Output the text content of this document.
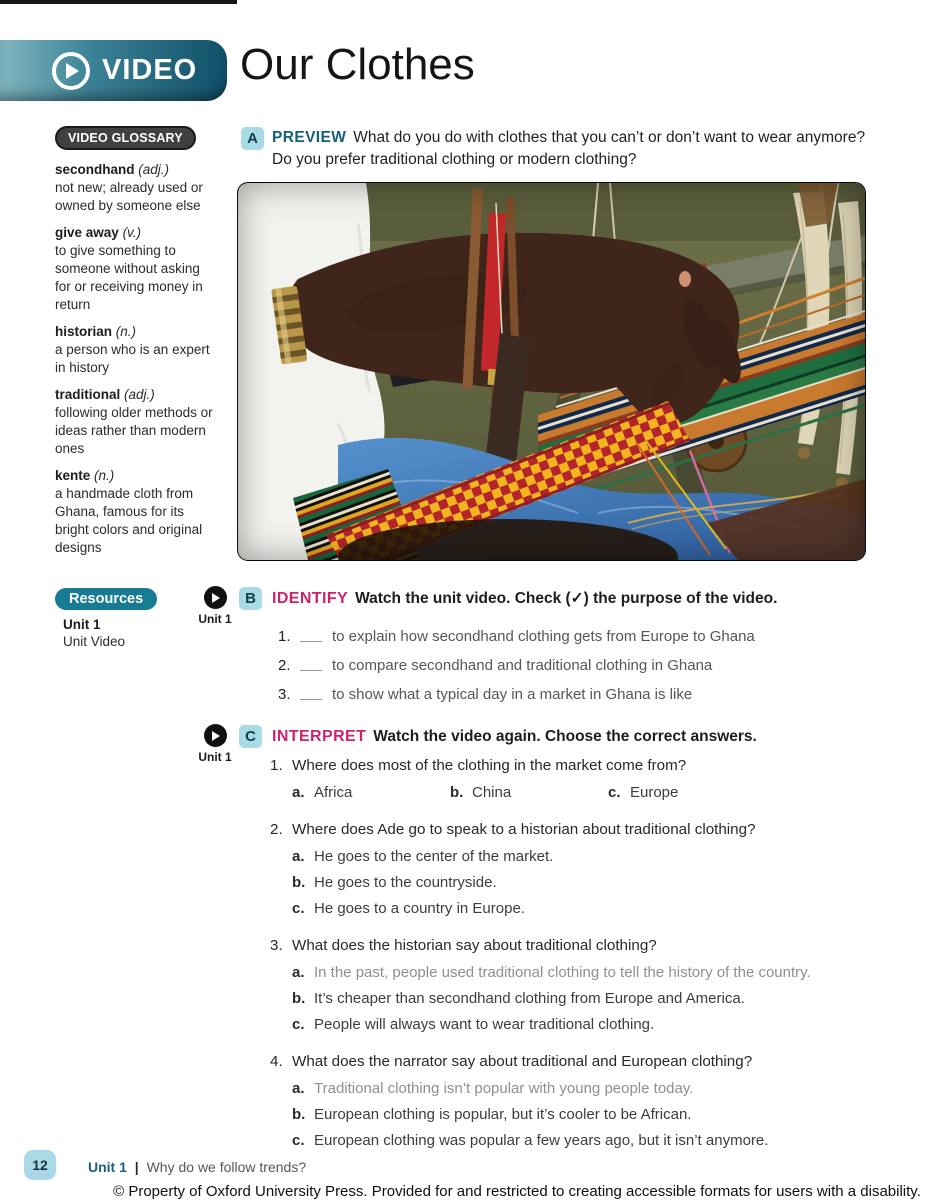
VIDEO Our Clothes
VIDEO GLOSSARY
secondhand (adj.)
not new; already used or owned by someone else
give away (v.)
to give something to someone without asking for or receiving money in return
historian (n.)
a person who is an expert in history
traditional (adj.)
following older methods or ideas rather than modern ones
kente (n.)
a handmade cloth from Ghana, famous for its bright colors and original designs
A PREVIEW What do you do with clothes that you can’t or don’t want to wear anymore? Do you prefer traditional clothing or modern clothing?
Unit 1
B	IDENTIFY Watch the unit video. Check (✓) the purpose of the video.
1.	to explain how secondhand clothing gets from Europe to Ghana
2.	to compare secondhand and traditional clothing in Ghana
3.	to show what a typical day in a market in Ghana is like
Unit 1
C	INTERPRET Watch the video again. Choose the correct answers.
1. Where does most of the clothing in the market come from?
a. Africa	b. China	c. Europe
2. Where does Ade go to speak to a historian about traditional clothing?
a. He goes to the center of the market.
b. He goes to the countryside.
c. He goes to a country in Europe.
3. What does the historian say about traditional clothing?
a. In the past, people used traditional clothing to tell the history of the country.
b. It’s cheaper than secondhand clothing from Europe and America.
c. People will always want to wear traditional clothing.
4. What does the narrator say about traditional and European clothing?
a. Traditional clothing isn’t popular with young people today.
b. European clothing is popular, but it’s cooler to be African.
c. European clothing was popular a few years ago, but it isn’t anymore.
Resources
Unit 1
Unit Video
12	Unit 1 | Why do we follow trends?
© Property of Oxford University Press. Provided for and restricted to creating accessible formats for users with a disability.
